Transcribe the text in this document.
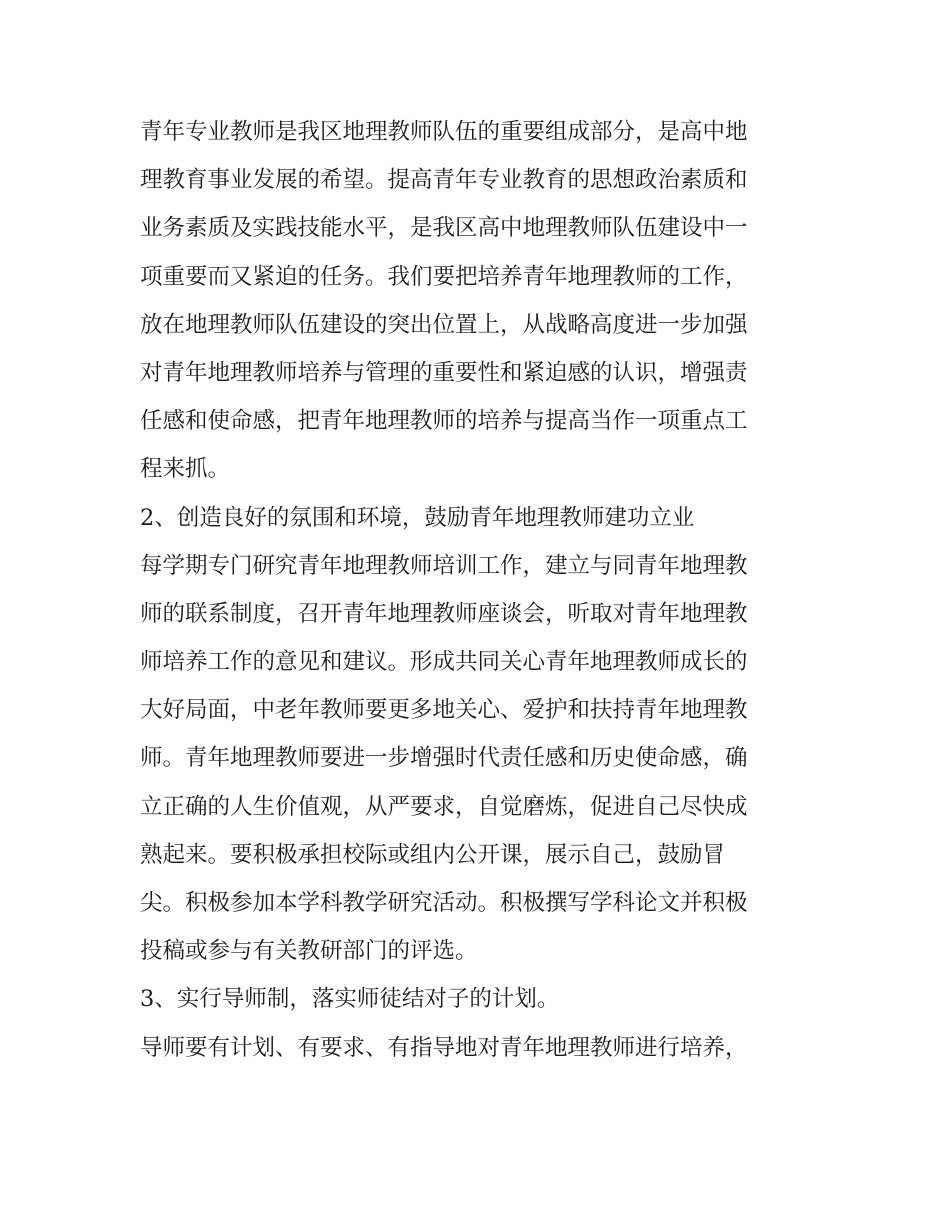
青年专业教师是我区地理教师队伍的重要组成部分，是高中地
理教育事业发展的希望。提高青年专业教育的思想政治素质和
业务素质及实践技能水平，是我区高中地理教师队伍建设中一
项重要而又紧迫的任务。我们要把培养青年地理教师的工作，
放在地理教师队伍建设的突出位置上，从战略高度进一步加强
对青年地理教师培养与管理的重要性和紧迫感的认识，增强责
任感和使命感，把青年地理教师的培养与提高当作一项重点工
程来抓。
2、创造良好的氛围和环境，鼓励青年地理教师建功立业
每学期专门研究青年地理教师培训工作，建立与同青年地理教
师的联系制度，召开青年地理教师座谈会，听取对青年地理教
师培养工作的意见和建议。形成共同关心青年地理教师成长的
大好局面，中老年教师要更多地关心、爱护和扶持青年地理教
师。青年地理教师要进一步增强时代责任感和历史使命感，确
立正确的人生价值观，从严要求，自觉磨炼，促进自己尽快成
熟起来。要积极承担校际或组内公开课，展示自己，鼓励冒
尖。积极参加本学科教学研究活动。积极撰写学科论文并积极
投稿或参与有关教研部门的评选。
3、实行导师制，落实师徒结对子的计划。
导师要有计划、有要求、有指导地对青年地理教师进行培养，
